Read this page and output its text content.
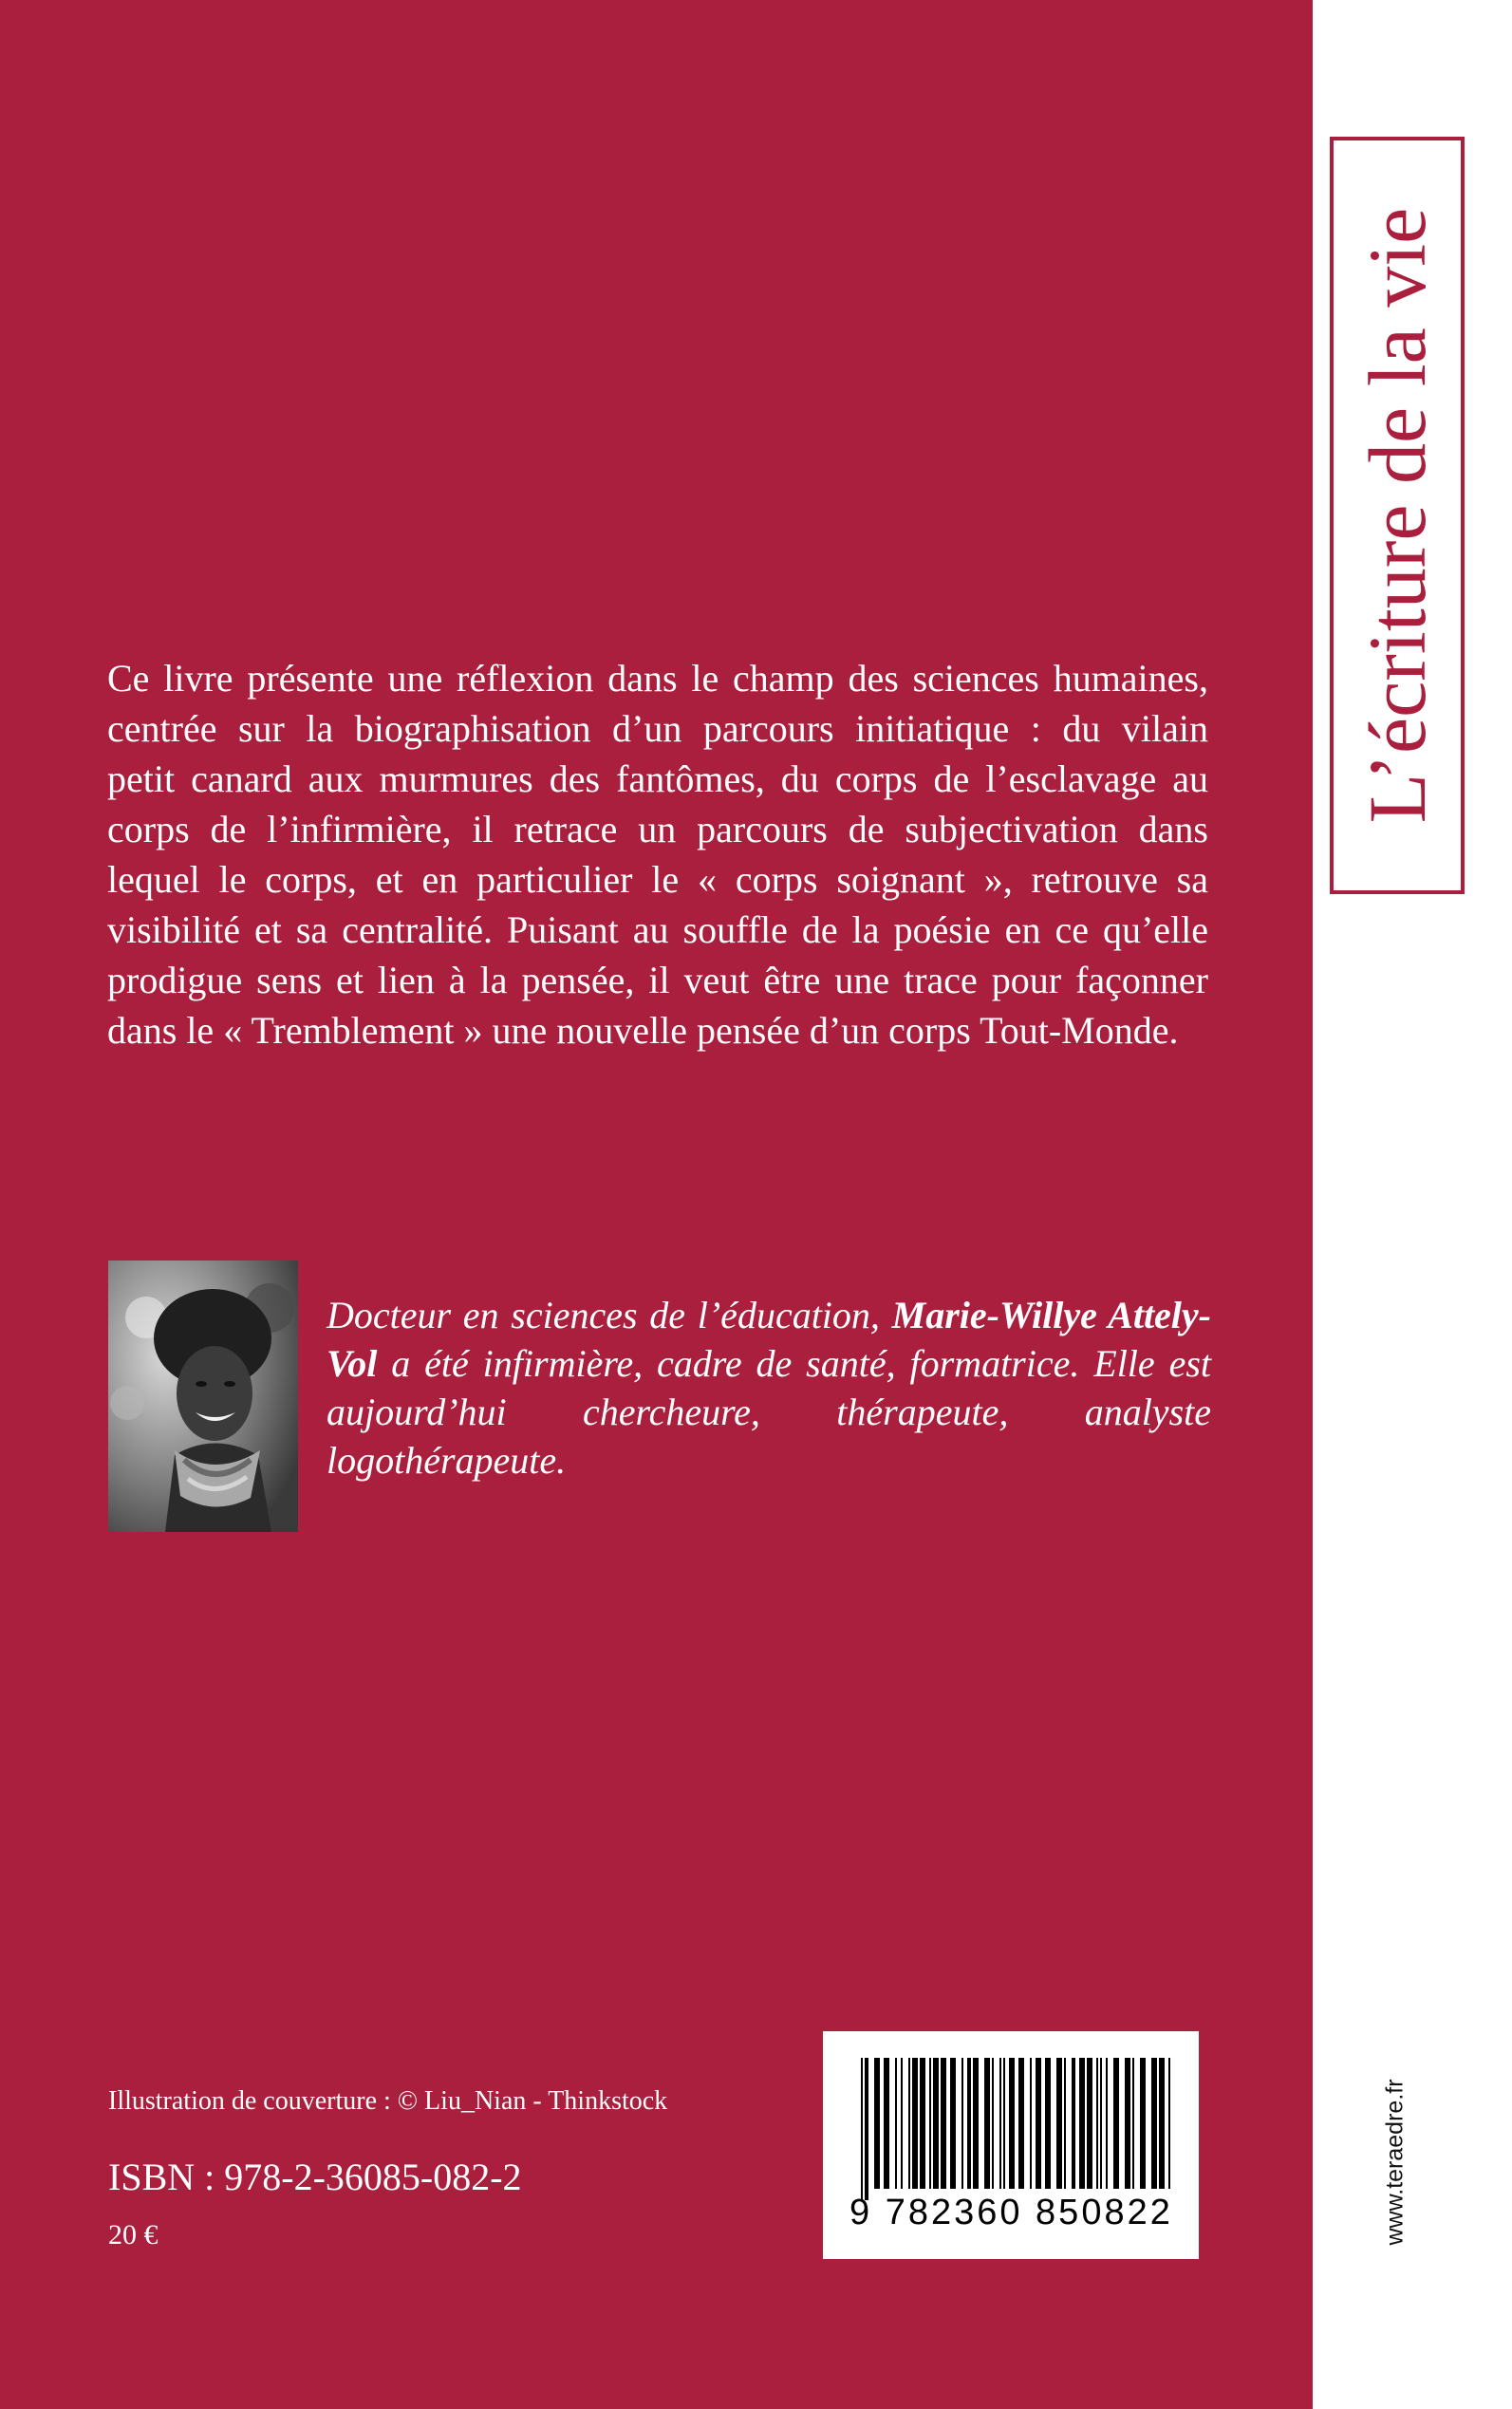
L’écriture de la vie
www.teraedre.fr

Ce livre présente une réflexion dans le champ des sciences humaines,
centrée sur la biographisation d’un parcours initiatique : du vilain
petit canard aux murmures des fantômes, du corps de l’esclavage au
corps de l’infirmière, il retrace un parcours de subjectivation dans
lequel le corps, et en particulier le « corps soignant », retrouve sa
visibilité et sa centralité. Puisant au souffle de la poésie en ce qu’elle
prodigue sens et lien à la pensée, il veut être une trace pour façonner
dans le « Tremblement » une nouvelle pensée d’un corps Tout-Monde.

Docteur en sciences de l’éducation, Marie-Willye Attely-Vol a été infirmière, cadre de santé, formatrice. Elle est aujourd’hui chercheure, thérapeute, analyste logothérapeute.

Illustration de couverture : © Liu_Nian - Thinkstock
ISBN : 978-2-36085-082-2
20 €
9 782360 850822
